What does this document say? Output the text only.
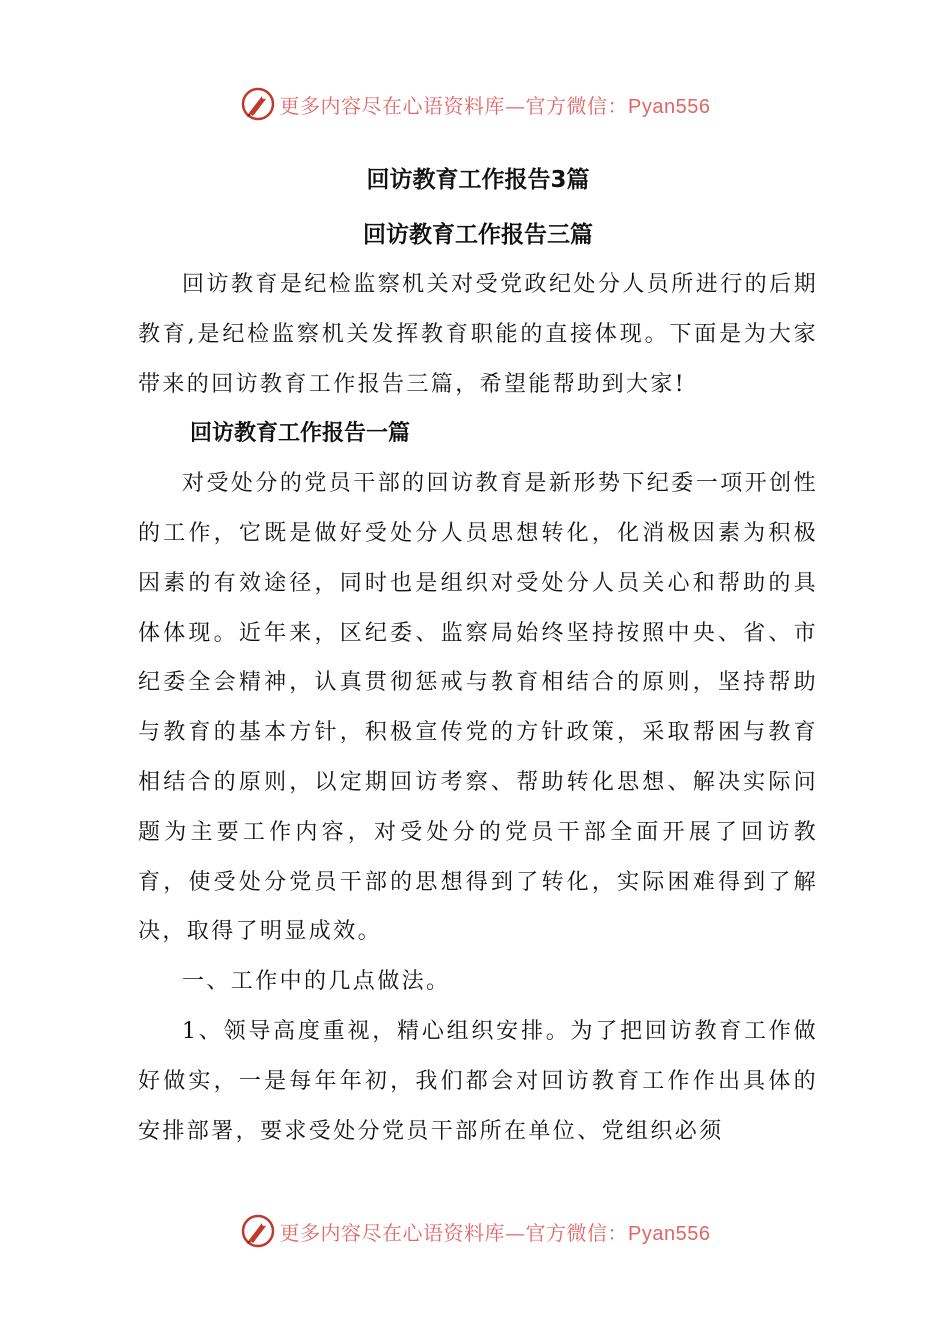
更多内容尽在心语资料库—官方微信：Pyan556
回访教育工作报告3篇
回访教育工作报告三篇

回访教育是纪检监察机关对受党政纪处分人员所进行的后期教育,是纪检监察机关发挥教育职能的直接体现。下面是为大家带来的回访教育工作报告三篇，希望能帮助到大家!

回访教育工作报告一篇

对受处分的党员干部的回访教育是新形势下纪委一项开创性的工作，它既是做好受处分人员思想转化，化消极因素为积极因素的有效途径，同时也是组织对受处分人员关心和帮助的具体体现。近年来，区纪委、监察局始终坚持按照中央、省、市纪委全会精神，认真贯彻惩戒与教育相结合的原则，坚持帮助与教育的基本方针，积极宣传党的方针政策，采取帮困与教育相结合的原则，以定期回访考察、帮助转化思想、解决实际问题为主要工作内容，对受处分的党员干部全面开展了回访教育，使受处分党员干部的思想得到了转化，实际困难得到了解决，取得了明显成效。

一、工作中的几点做法。

1、领导高度重视，精心组织安排。为了把回访教育工作做好做实，一是每年年初，我们都会对回访教育工作作出具体的安排部署，要求受处分党员干部所在单位、党组织必须

更多内容尽在心语资料库—官方微信：Pyan556
